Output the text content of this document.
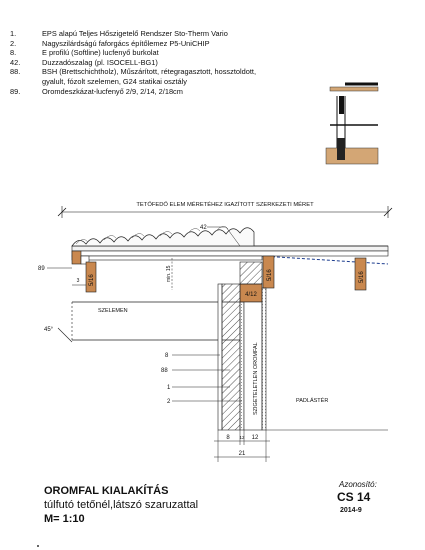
1.	EPS alapú Teljes Hőszigetelő Rendszer Sto-Therm Vario
2.	Nagyszilárdságú faforgács építőlemez P5-UniCHIP
8.	E profilú (Softline) lucfenyő burkolat
42.	Duzzadószalag (pl. ISOCELL-BG1)
88.	BSH (Brettschichtholz), Műszárított, rétegragasztott, hossztoldott,
gyalult, fózolt szelemen, G24 statikai osztály
89.	Oromdeszkázat-lucfenyő 2/9, 2/14, 2/18cm
TETŐFEDŐ ELEM MÉRETÉHEZ IGAZÍTOTT SZERKEZETI MÉRET
5/16	5/16	5/16
4/12
SZELEMEN
45°
3	min. 15
SZIGETELETLEN OROMFAL	PADLÁSTÉR
42
89
8
88
1
2
8 12 12
21
OROMFAL KIALAKÍTÁS
túlfutó tetőnél,látszó szaruzattal
M= 1:10
Azonosító:
CS 14
2014-9
